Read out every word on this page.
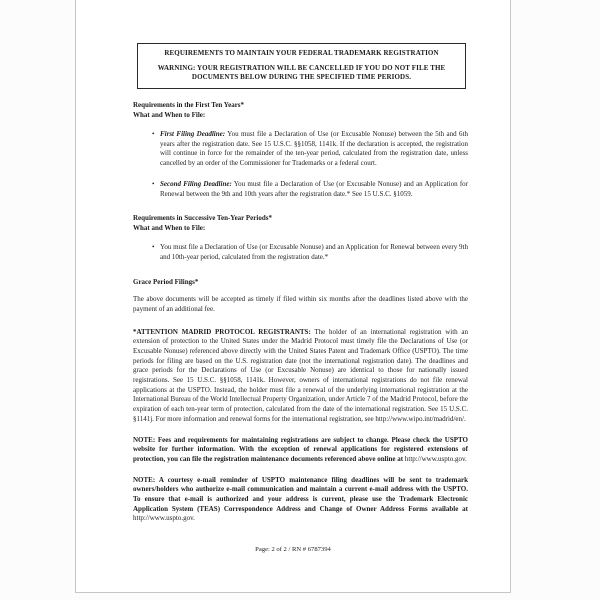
REQUIREMENTS TO MAINTAIN YOUR FEDERAL TRADEMARK REGISTRATION
WARNING: YOUR REGISTRATION WILL BE CANCELLED IF YOU DO NOT FILE THE DOCUMENTS BELOW DURING THE SPECIFIED TIME PERIODS.
Requirements in the First Ten Years*
What and When to File:
• First Filing Deadline: You must file a Declaration of Use (or Excusable Nonuse) between the 5th and 6th years after the registration date. See 15 U.S.C. §§1058, 1141k. If the declaration is accepted, the registration will continue in force for the remainder of the ten-year period, calculated from the registration date, unless cancelled by an order of the Commissioner for Trademarks or a federal court.
• Second Filing Deadline: You must file a Declaration of Use (or Excusable Nonuse) and an Application for Renewal between the 9th and 10th years after the registration date.* See 15 U.S.C. §1059.
Requirements in Successive Ten-Year Periods*
What and When to File:
• You must file a Declaration of Use (or Excusable Nonuse) and an Application for Renewal between every 9th and 10th-year period, calculated from the registration date.*
Grace Period Filings*

The above documents will be accepted as timely if filed within six months after the deadlines listed above with the payment of an additional fee.

*ATTENTION MADRID PROTOCOL REGISTRANTS: The holder of an international registration with an extension of protection to the United States under the Madrid Protocol must timely file the Declarations of Use (or Excusable Nonuse) referenced above directly with the United States Patent and Trademark Office (USPTO). The time periods for filing are based on the U.S. registration date (not the international registration date). The deadlines and grace periods for the Declarations of Use (or Excusable Nonuse) are identical to those for nationally issued registrations. See 15 U.S.C. §§1058, 1141k. However, owners of international registrations do not file renewal applications at the USPTO. Instead, the holder must file a renewal of the underlying international registration at the International Bureau of the World Intellectual Property Organization, under Article 7 of the Madrid Protocol, before the expiration of each ten-year term of protection, calculated from the date of the international registration. See 15 U.S.C. §1141j. For more information and renewal forms for the international registration, see http://www.wipo.int/madrid/en/.

NOTE: Fees and requirements for maintaining registrations are subject to change. Please check the USPTO website for further information. With the exception of renewal applications for registered extensions of protection, you can file the registration maintenance documents referenced above online at http://www.uspto.gov.

NOTE: A courtesy e-mail reminder of USPTO maintenance filing deadlines will be sent to trademark owners/holders who authorize e-mail communication and maintain a current e-mail address with the USPTO. To ensure that e-mail is authorized and your address is current, please use the Trademark Electronic Application System (TEAS) Correspondence Address and Change of Owner Address Forms available at http://www.uspto.gov.

Page: 2 of 2 / RN # 6787394
